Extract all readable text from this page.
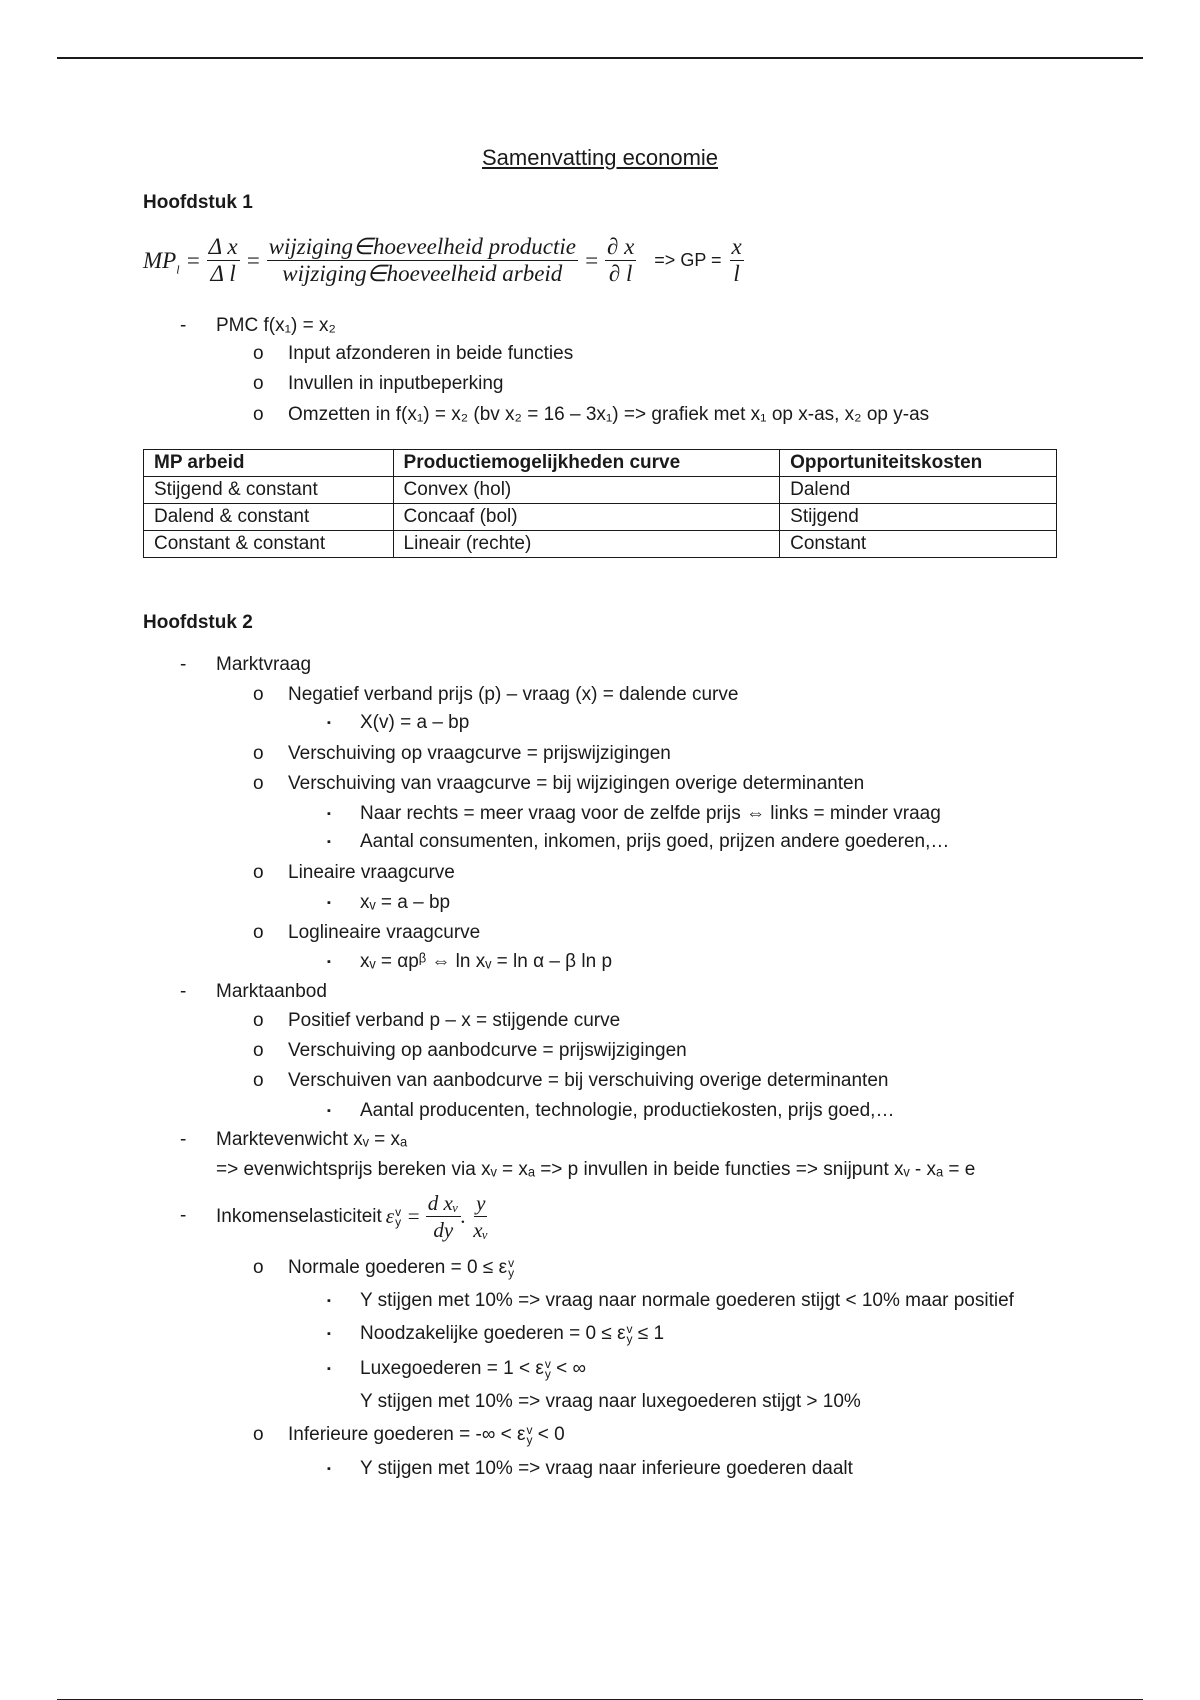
Samenvatting economie
Hoofdstuk 1
$MP_l = \frac{\text{Δ x}}{\text{Δ l}} = \frac{\text{wijziging∈hoeveelheid productie}}{\text{wijziging∈hoeveelheid arbeid}} = \frac{\partial x}{\partial l}$ => GP = $\frac{x}{l}$
- PMC f(x₁) = x₂
o Input afzonderen in beide functies
o Invullen in inputbeperking
o Omzetten in f(x₁) = x₂ (bv x₂ = 16 – 3x₁) => grafiek met x₁ op x-as, x₂ op y-as
MP arbeid	Productiemogelijkheden curve	Opportuniteitskosten
Stijgend & constant	Convex (hol)	Dalend
Dalend & constant	Concaaf (bol)	Stijgend
Constant & constant	Lineair (rechte)	Constant
Hoofdstuk 2
- Marktvraag
o Negatief verband prijs (p) – vraag (x) = dalende curve
▪ X(v) = a – bp
o Verschuiving op vraagcurve = prijswijzigingen
o Verschuiving van vraagcurve = bij wijzigingen overige determinanten
▪ Naar rechts = meer vraag voor de zelfde prijs ⇔ links = minder vraag
▪ Aantal consumenten, inkomen, prijs goed, prijzen andere goederen,…
o Lineaire vraagcurve
▪ xᵥ = a – bp
o Loglineaire vraagcurve
▪ xᵥ = αpᵝ ⇔ ln xᵥ = ln α – β ln p
- Marktaanbod
o Positief verband p – x = stijgende curve
o Verschuiving op aanbodcurve = prijswijzigingen
o Verschuiven van aanbodcurve = bij verschuiving overige determinanten
▪ Aantal producenten, technologie, productiekosten, prijs goed,…
- Marktevenwicht xᵥ = xₐ
=> evenwichtsprijs bereken via xᵥ = xₐ => p invullen in beide functies => snijpunt xᵥ - xₐ = e
- Inkomenselasticiteit ε v
$y = \frac{\text{d xᵥ}}{dy}$ . $\frac{y}{\text{xᵥ}}$
o Normale goederen = 0 ≤ ε v
y
▪ Y stijgen met 10% => vraag naar normale goederen stijgt < 10% maar positief
▪ Noodzakelijke goederen = 0 ≤ ε v
y ≤ 1
▪ Luxegoederen = 1 < ε v
y < ∞
Y stijgen met 10% => vraag naar luxegoederen stijgt > 10%
o Inferieure goederen = -∞ < ε v
y < 0
▪ Y stijgen met 10% => vraag naar inferieure goederen daalt
